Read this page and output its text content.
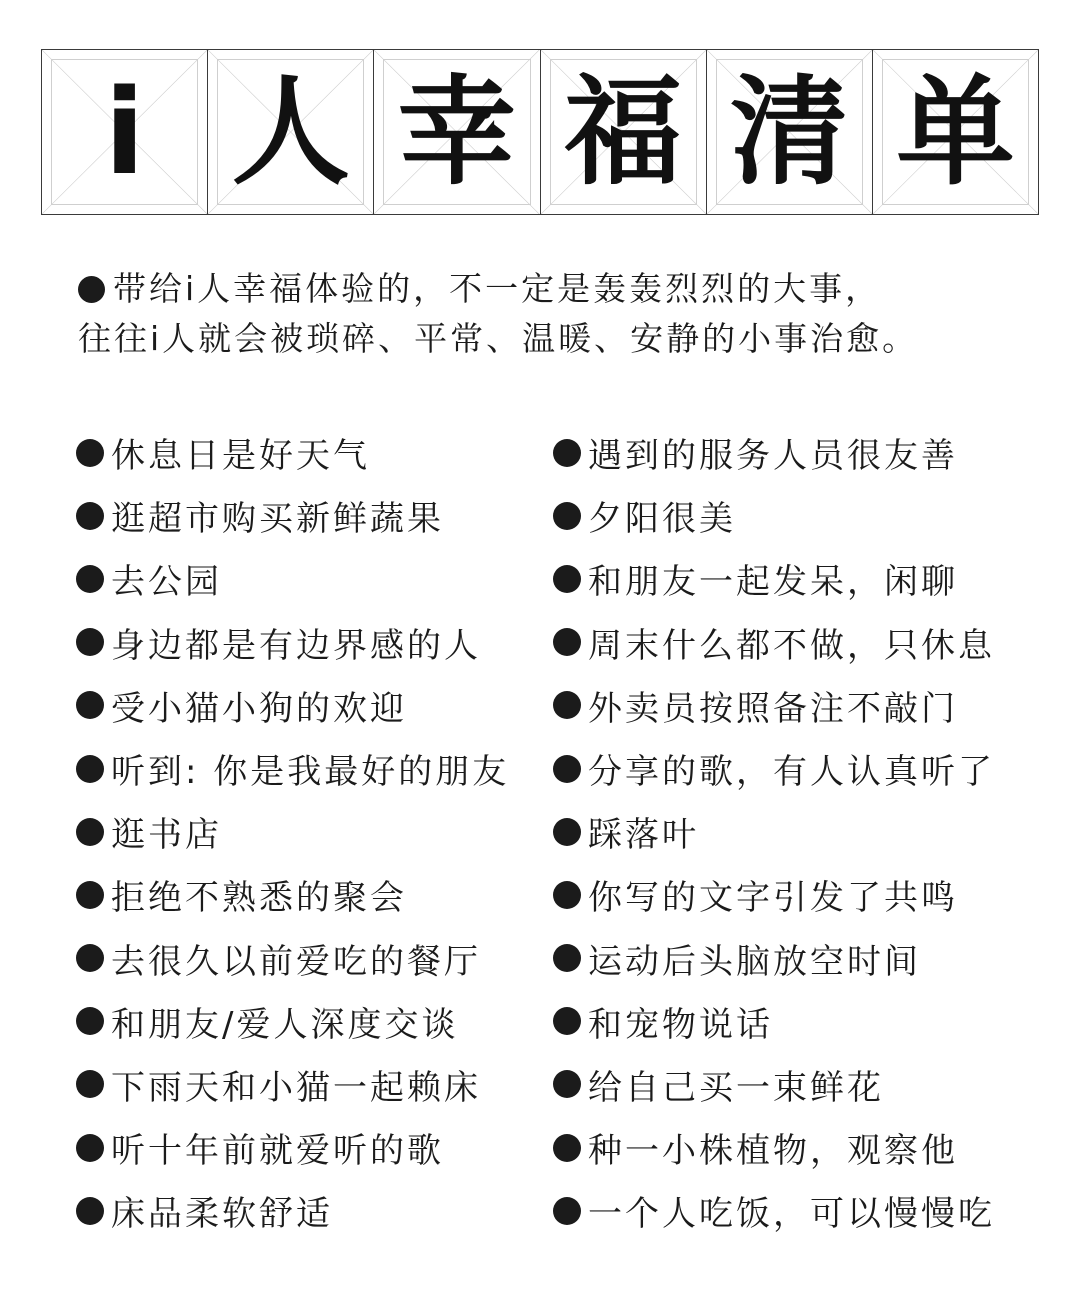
i 人 幸 福 清 单
带给i人幸福体验的，不一定是轰轰烈烈的大事，
往往i人就会被琐碎、平常、温暖、安静的小事治愈。
休息日是好天气
逛超市购买新鲜蔬果
去公园
身边都是有边界感的人
受小猫小狗的欢迎
听到: 你是我最好的朋友
逛书店
拒绝不熟悉的聚会
去很久以前爱吃的餐厅
和朋友/爱人深度交谈
下雨天和小猫一起赖床
听十年前就爱听的歌
床品柔软舒适
遇到的服务人员很友善
夕阳很美
和朋友一起发呆，闲聊
周末什么都不做，只休息
外卖员按照备注不敲门
分享的歌，有人认真听了
踩落叶
你写的文字引发了共鸣
运动后头脑放空时间
和宠物说话
给自己买一束鲜花
种一小株植物，观察他
一个人吃饭，可以慢慢吃
